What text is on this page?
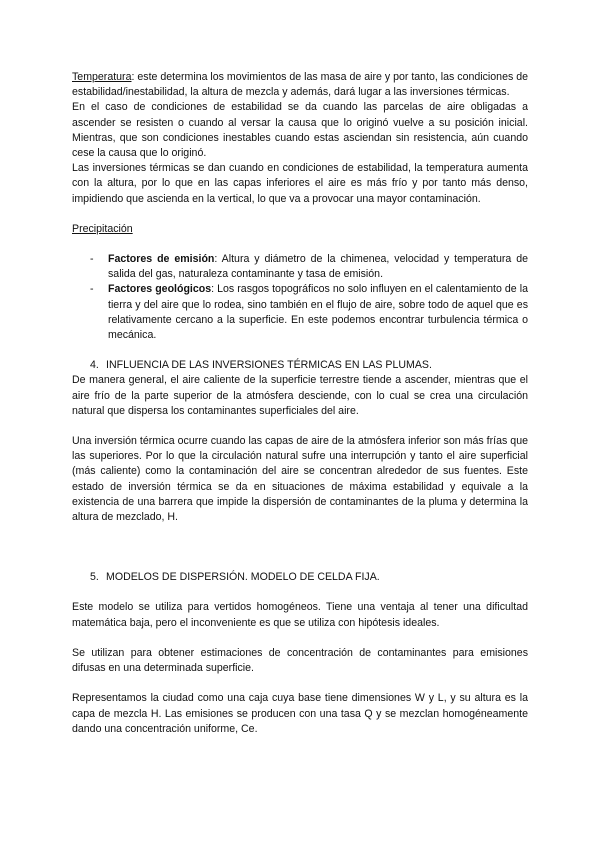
Temperatura: este determina los movimientos de las masa de aire y por tanto, las condiciones de estabilidad/inestabilidad, la altura de mezcla y además, dará lugar a las inversiones térmicas.

En el caso de condiciones de estabilidad se da cuando las parcelas de aire obligadas a ascender se resisten o cuando al versar la causa que lo originó vuelve a su posición inicial. Mientras, que son condiciones inestables cuando estas asciendan sin resistencia, aún cuando cese la causa que lo originó.

Las inversiones térmicas se dan cuando en condiciones de estabilidad, la temperatura aumenta con la altura, por lo que en las capas inferiores el aire es más frío y por tanto más denso, impidiendo que ascienda en la vertical, lo que va a provocar una mayor contaminación.

Precipitación

- Factores de emisión: Altura y diámetro de la chimenea, velocidad y temperatura de salida del gas, naturaleza contaminante y tasa de emisión.
- Factores geológicos: Los rasgos topográficos no solo influyen en el calentamiento de la tierra y del aire que lo rodea, sino también en el flujo de aire, sobre todo de aquel que es relativamente cercano a la superficie. En este podemos encontrar turbulencia térmica o mecánica.

4. INFLUENCIA DE LAS INVERSIONES TÉRMICAS EN LAS PLUMAS.

De manera general, el aire caliente de la superficie terrestre tiende a ascender, mientras que el aire frío de la parte superior de la atmósfera desciende, con lo cual se crea una circulación natural que dispersa los contaminantes superficiales del aire.

Una inversión térmica ocurre cuando las capas de aire de la atmósfera inferior son más frías que las superiores. Por lo que la circulación natural sufre una interrupción y tanto el aire superficial (más caliente) como la contaminación del aire se concentran alrededor de sus fuentes. Este estado de inversión térmica se da en situaciones de máxima estabilidad y equivale a la existencia de una barrera que impide la dispersión de contaminantes de la pluma y determina la altura de mezclado, H.

5. MODELOS DE DISPERSIÓN. MODELO DE CELDA FIJA.

Este modelo se utiliza para vertidos homogéneos. Tiene una ventaja al tener una dificultad matemática baja, pero el inconveniente es que se utiliza con hipótesis ideales.

Se utilizan para obtener estimaciones de concentración de contaminantes para emisiones difusas en una determinada superficie.

Representamos la ciudad como una caja cuya base tiene dimensiones W y L, y su altura es la capa de mezcla H. Las emisiones se producen con una tasa Q y se mezclan homogéneamente dando una concentración uniforme, Ce.
